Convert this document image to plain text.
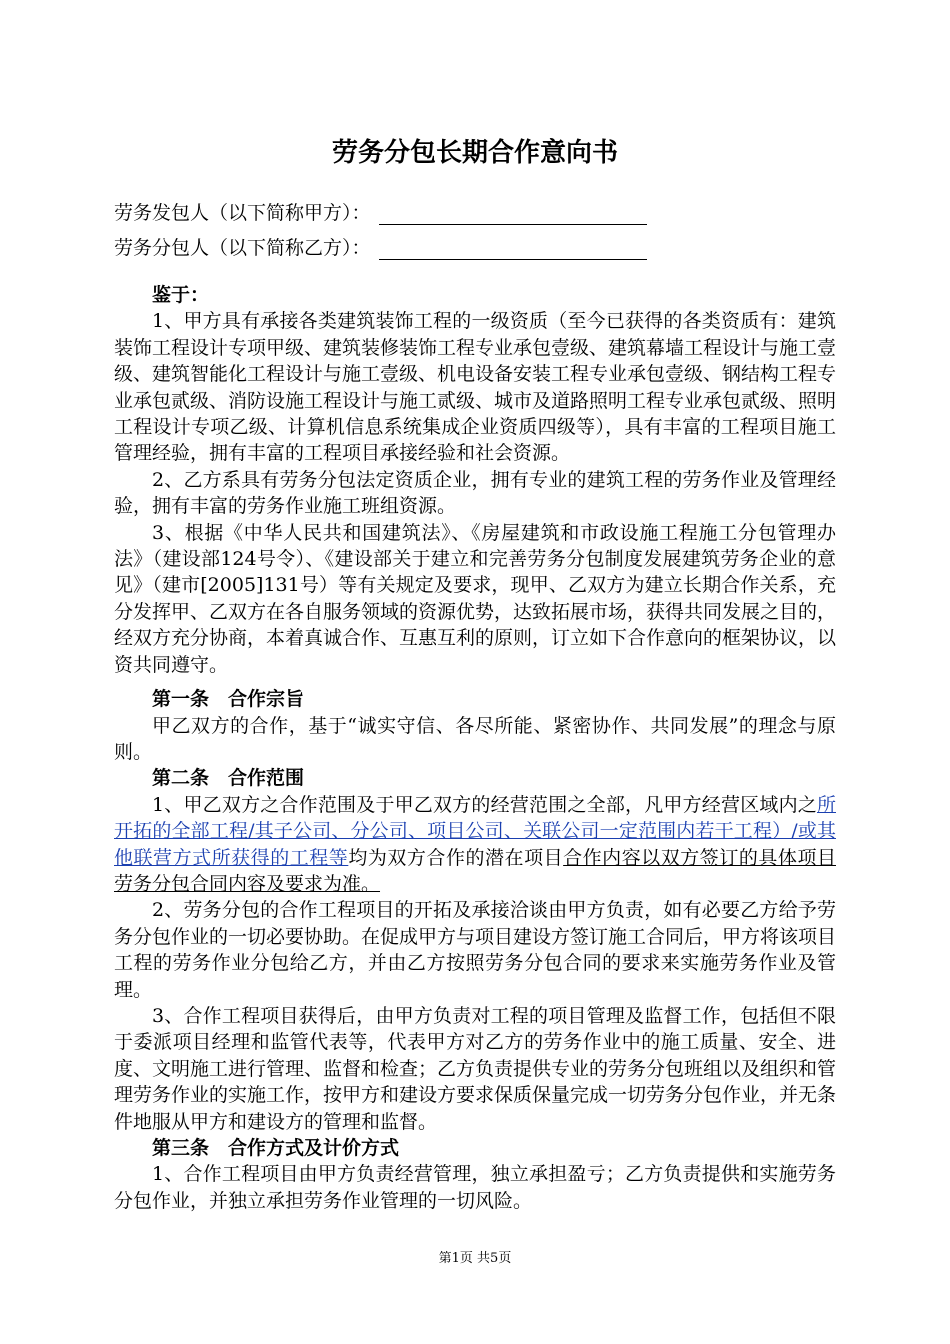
劳务分包长期合作意向书
劳务发包人（以下简称甲方）：
劳务分包人（以下简称乙方）：

鉴于：

1、甲方具有承接各类建筑装饰工程的一级资质（至今已获得的各类资质有：建筑装饰工程设计专项甲级、建筑装修装饰工程专业承包壹级、建筑幕墙工程设计与施工壹级、建筑智能化工程设计与施工壹级、机电设备安装工程专业承包壹级、钢结构工程专业承包贰级、消防设施工程设计与施工贰级、城市及道路照明工程专业承包贰级、照明工程设计专项乙级、计算机信息系统集成企业资质四级等），具有丰富的工程项目施工管理经验，拥有丰富的工程项目承接经验和社会资源。

2、乙方系具有劳务分包法定资质企业，拥有专业的建筑工程的劳务作业及管理经验，拥有丰富的劳务作业施工班组资源。

3、根据《中华人民共和国建筑法》、《房屋建筑和市政设施工程施工分包管理办法》（建设部124号令）、《建设部关于建立和完善劳务分包制度发展建筑劳务企业的意见》（建市[2005]131号）等有关规定及要求，现甲、乙双方为建立长期合作关系，充分发挥甲、乙双方在各自服务领域的资源优势，达致拓展市场，获得共同发展之目的，经双方充分协商，本着真诚合作、互惠互利的原则，订立如下合作意向的框架协议，以资共同遵守。

第一条　合作宗旨

甲乙双方的合作，基于“诚实守信、各尽所能、紧密协作、共同发展”的理念与原则。

第二条　合作范围

1、甲乙双方之合作范围及于甲乙双方的经营范围之全部，凡甲方经营区域内之所开拓的全部工程/其子公司、分公司、项目公司、关联公司一定范围内若干工程）/或其他联营方式所获得的工程等均为双方合作的潜在项目合作内容以双方签订的具体项目劳务分包合同内容及要求为准。

2、劳务分包的合作工程项目的开拓及承接洽谈由甲方负责，如有必要乙方给予劳务分包作业的一切必要协助。在促成甲方与项目建设方签订施工合同后，甲方将该项目工程的劳务作业分包给乙方，并由乙方按照劳务分包合同的要求来实施劳务作业及管理。

3、合作工程项目获得后，由甲方负责对工程的项目管理及监督工作，包括但不限于委派项目经理和监管代表等，代表甲方对乙方的劳务作业中的施工质量、安全、进度、文明施工进行管理、监督和检查；乙方负责提供专业的劳务分包班组以及组织和管理劳务作业的实施工作，按甲方和建设方要求保质保量完成一切劳务分包作业，并无条件地服从甲方和建设方的管理和监督。

第三条　合作方式及计价方式

1、合作工程项目由甲方负责经营管理，独立承担盈亏；乙方负责提供和实施劳务分包作业，并独立承担劳务作业管理的一切风险。

第1页 共5页
